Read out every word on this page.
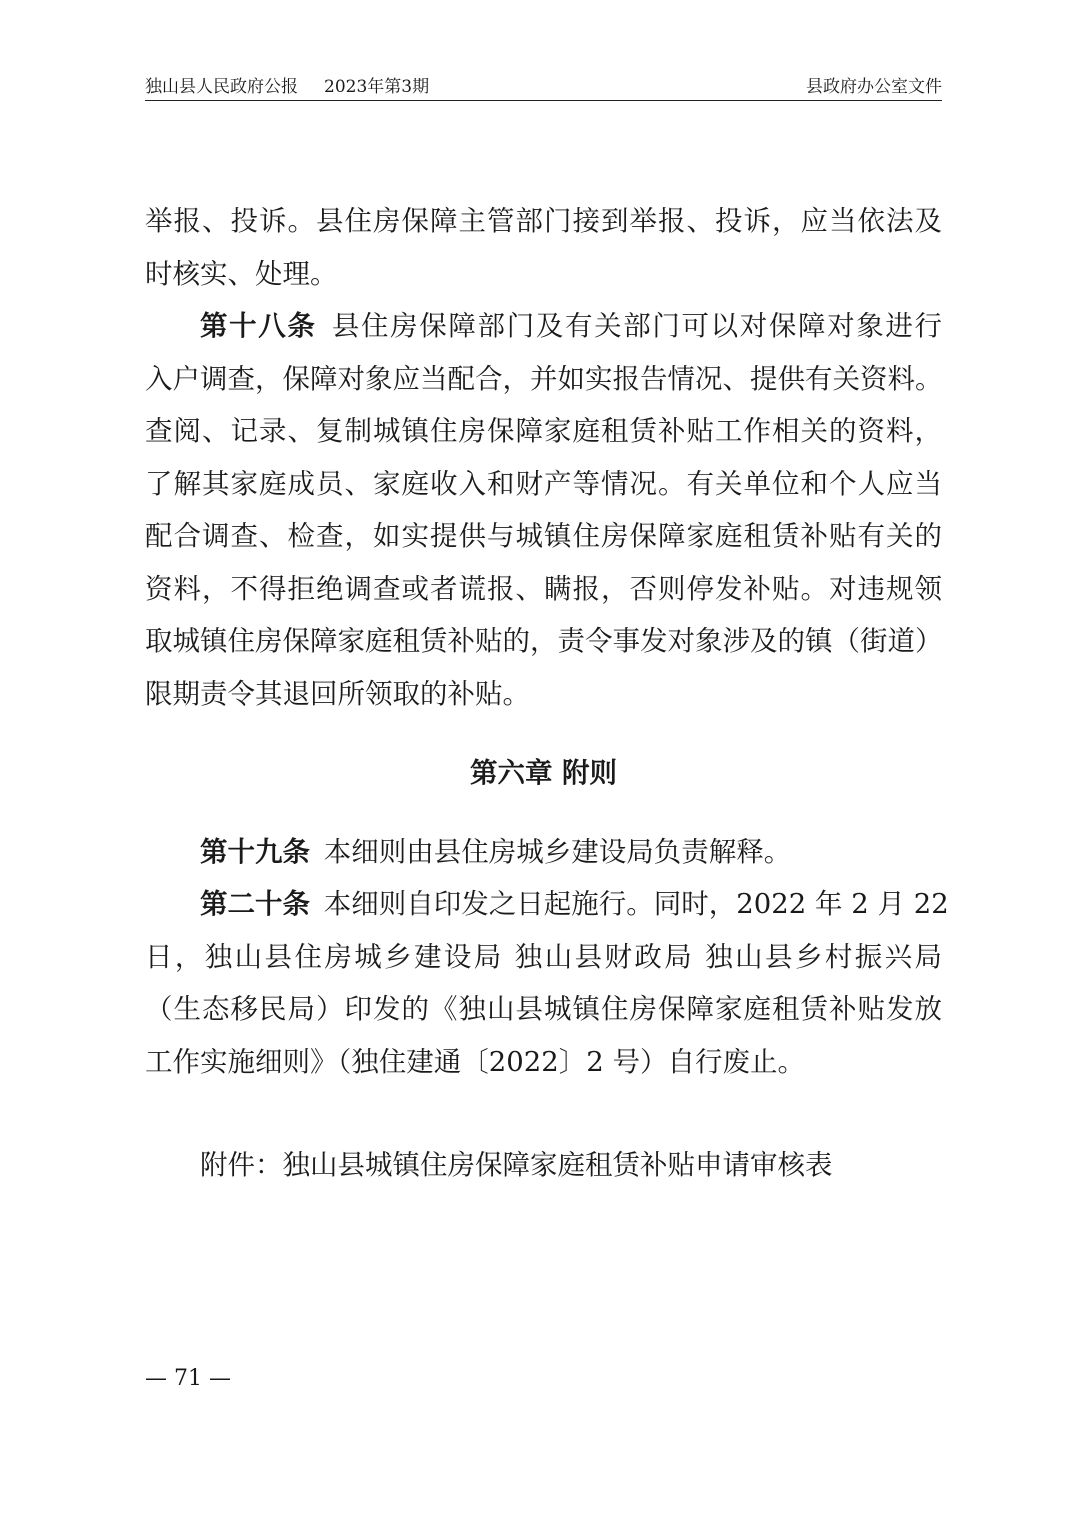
独山县人民政府公报 2023年第3期	县政府办公室文件
举报、投诉。县住房保障主管部门接到举报、投诉，应当依法及
时核实、处理。
第十八条  县住房保障部门及有关部门可以对保障对象进行
入户调查，保障对象应当配合，并如实报告情况、提供有关资料。
查阅、记录、复制城镇住房保障家庭租赁补贴工作相关的资料，
了解其家庭成员、家庭收入和财产等情况。有关单位和个人应当
配合调查、检查，如实提供与城镇住房保障家庭租赁补贴有关的
资料，不得拒绝调查或者谎报、瞒报，否则停发补贴。对违规领
取城镇住房保障家庭租赁补贴的，责令事发对象涉及的镇（街道）
限期责令其退回所领取的补贴。
第六章 附则
第十九条  本细则由县住房城乡建设局负责解释。
第二十条  本细则自印发之日起施行。同时，2022 年 2 月 22
日，独山县住房城乡建设局 独山县财政局 独山县乡村振兴局
（生态移民局）印发的《独山县城镇住房保障家庭租赁补贴发放
工作实施细则》（独住建通〔2022〕2 号）自行废止。
附件：独山县城镇住房保障家庭租赁补贴申请审核表
— 71 —
